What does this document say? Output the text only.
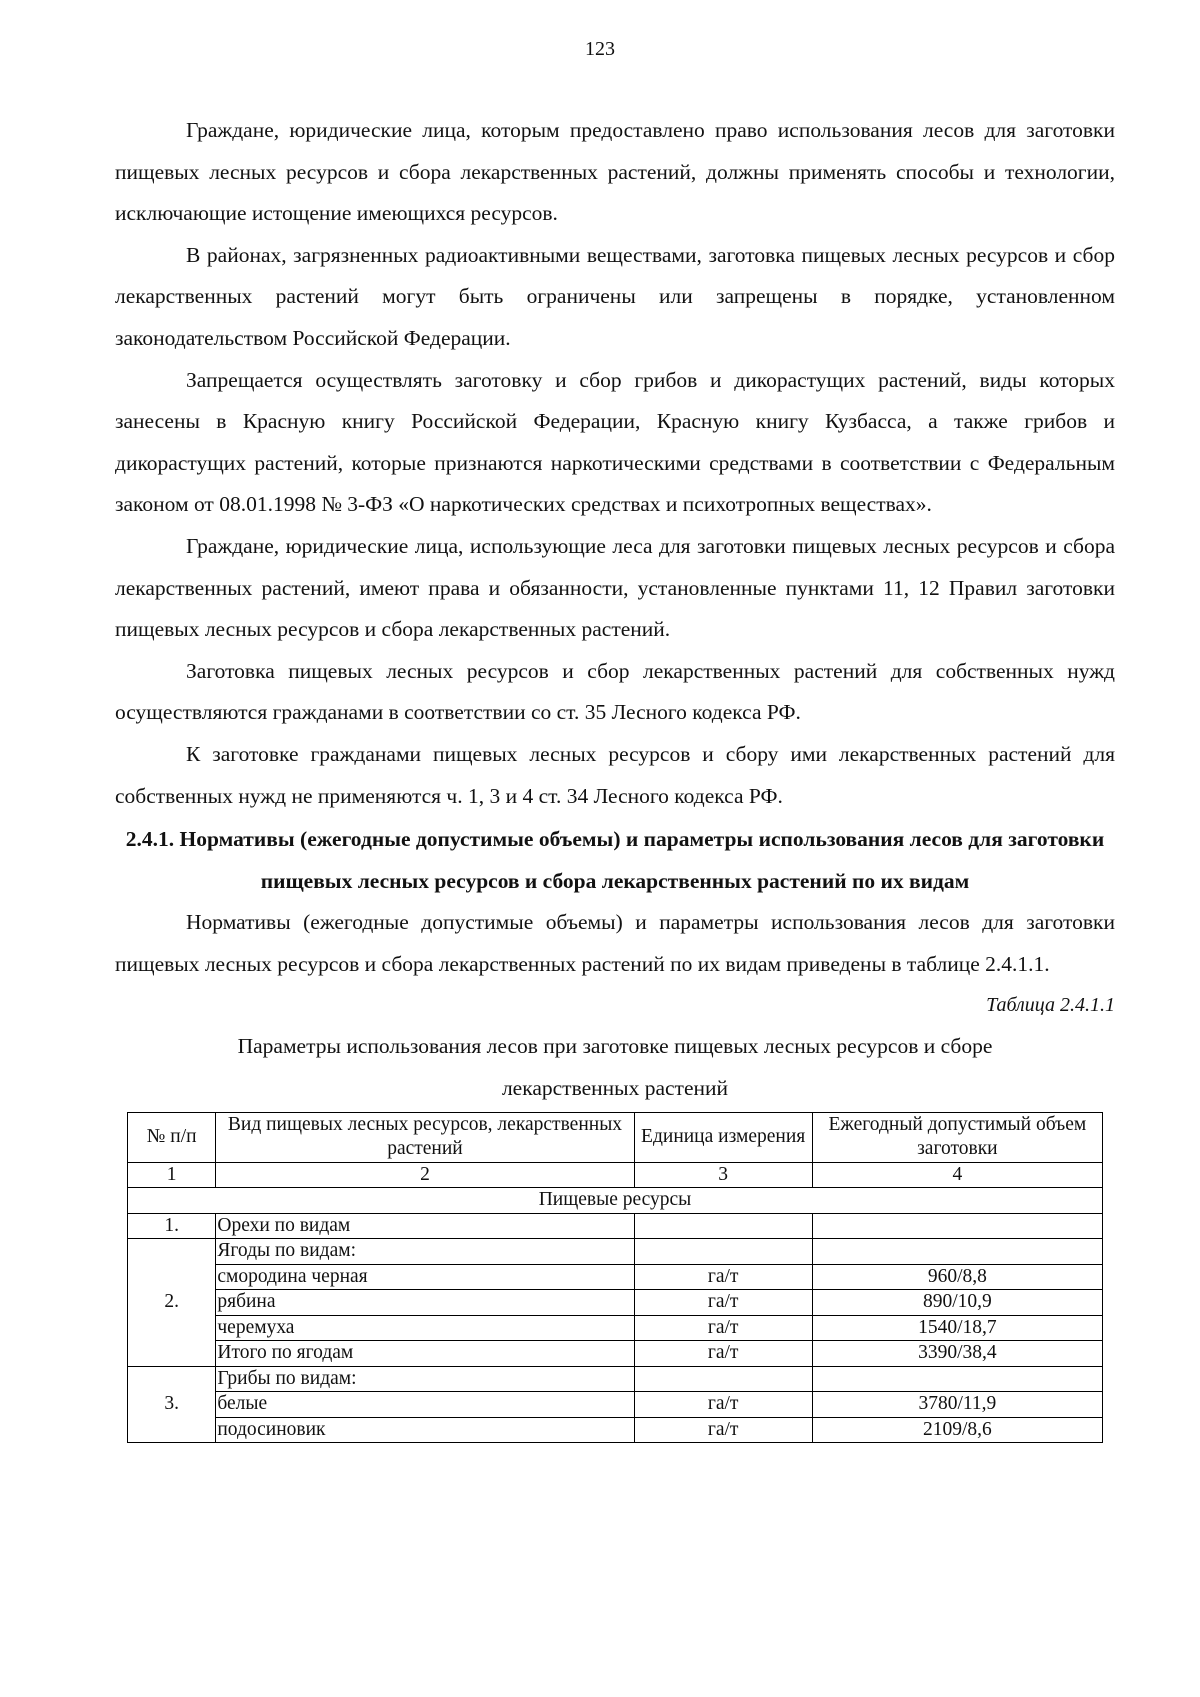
123

Граждане, юридические лица, которым предоставлено право использования лесов для заготовки пищевых лесных ресурсов и сбора лекарственных растений, должны применять способы и технологии, исключающие истощение имеющихся ресурсов.

В районах, загрязненных радиоактивными веществами, заготовка пищевых лесных ресурсов и сбор лекарственных растений могут быть ограничены или запрещены в порядке, установленном законодательством Российской Федерации.

Запрещается осуществлять заготовку и сбор грибов и дикорастущих растений, виды которых занесены в Красную книгу Российской Федерации, Красную книгу Кузбасса, а также грибов и дикорастущих растений, которые признаются наркотическими средствами в соответствии с Федеральным законом от 08.01.1998 № 3-ФЗ «О наркотических средствах и психотропных веществах».

Граждане, юридические лица, использующие леса для заготовки пищевых лесных ресурсов и сбора лекарственных растений, имеют права и обязанности, установленные пунктами 11, 12 Правил заготовки пищевых лесных ресурсов и сбора лекарственных растений.

Заготовка пищевых лесных ресурсов и сбор лекарственных растений для собственных нужд осуществляются гражданами в соответствии со ст. 35 Лесного кодекса РФ.

К заготовке гражданами пищевых лесных ресурсов и сбору ими лекарственных растений для собственных нужд не применяются ч. 1, 3 и 4 ст. 34 Лесного кодекса РФ.

2.4.1. Нормативы (ежегодные допустимые объемы) и параметры использования лесов для заготовки пищевых лесных ресурсов и сбора лекарственных растений по их видам

Нормативы (ежегодные допустимые объемы) и параметры использования лесов для заготовки пищевых лесных ресурсов и сбора лекарственных растений по их видам приведены в таблице 2.4.1.1.

Таблица 2.4.1.1
Параметры использования лесов при заготовке пищевых лесных ресурсов и сборе лекарственных растений
№ п/п	Вид пищевых лесных ресурсов, лекарственных растений	Единица измерения	Ежегодный допустимый объем заготовки
1	2	3	4
Пищевые ресурсы			
1.	Орехи по видам		
2.	Ягоды по видам:		
	смородина черная	га/т	960/8,8
	рябина	га/т	890/10,9
	черемуха	га/т	1540/18,7
	Итого по ягодам	га/т	3390/38,4
3.	Грибы по видам:		
	белые	га/т	3780/11,9
	подосиновик	га/т	2109/8,6
